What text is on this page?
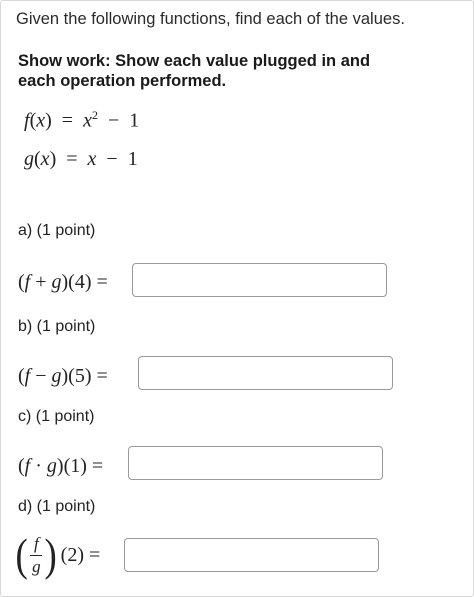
Given the following functions, find each of the values.
Show work: Show each value plugged in and
each operation performed.
$f(x) = x^2 - 1$
g(x)  =  x  −  1
a) (1 point)
(f + g)(4) =
b) (1 point)
(f − g)(5) =
c) (1 point)
(f · g)(1) =
d) (1 point)
( $\frac{f}{g}$ ) (2) =
